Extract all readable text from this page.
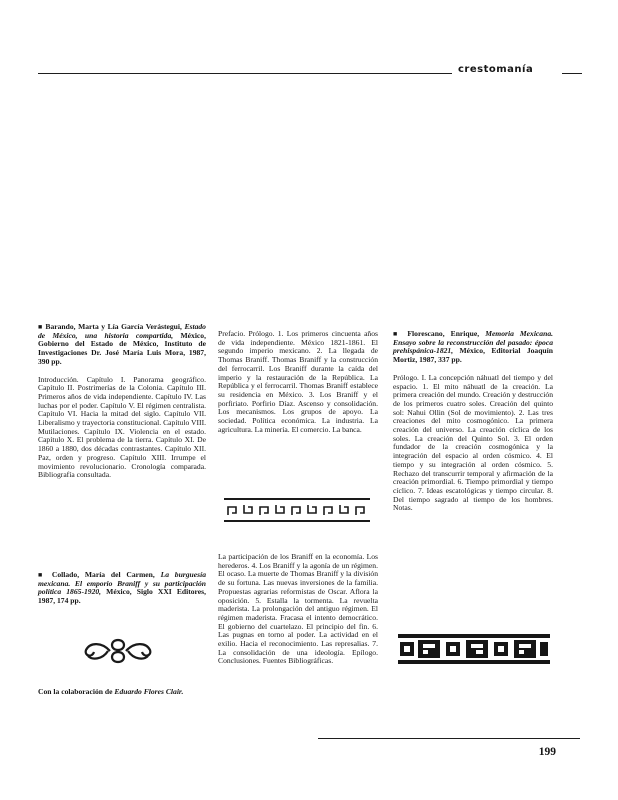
crestomanía
■ Barando, Marta y Lía García Verástegui, Estado de México, una historia compartida, México, Gobierno del Estado de México, Instituto de Investigaciones Dr. José María Luis Mora, 1987, 390 pp.

Introducción. Capítulo I. Panorama geográfico. Capítulo II. Postrimerías de la Colonia. Capítulo III. Primeros años de vida independiente. Capítulo IV. Las luchas por el poder. Capítulo V. El régimen centralista. Capítulo VI. Hacia la mitad del siglo. Capítulo VII. Liberalismo y trayectoria constitucional. Capítulo VIII. Mutilaciones. Capítulo IX. Violencia en el estado. Capítulo X. El problema de la tierra. Capítulo XI. De 1860 a 1880, dos décadas contrastantes. Capítulo XII. Paz, orden y progreso. Capítulo XIII. Irrumpe el movimiento revolucionario. Cronología comparada. Bibliografía consultada.

■ Collado, María del Carmen, La burguesía mexicana. El emporio Braniff y su participación política 1865-1920, México, Siglo XXI Editores, 1987, 174 pp.
Con la colaboración de Eduardo Flores Clair.

Prefacio. Prólogo. 1. Los primeros cincuenta años de vida independiente. México 1821-1861. El segundo imperio mexicano. 2. La llegada de Thomas Braniff. Thomas Braniff y la construcción del ferrocarril. Los Braniff durante la caída del imperio y la restauración de la República. La República y el ferrocarril. Thomas Braniff establece su residencia en México. 3. Los Braniff y el porfiriato. Porfirio Díaz. Ascenso y consolidación. Los mecanismos. Los grupos de apoyo. La sociedad. Política económica. La industria. La agricultura. La minería. El comercio. La banca.

La participación de los Braniff en la economía. Los herederos. 4. Los Braniff y la agonía de un régimen. El ocaso. La muerte de Thomas Braniff y la división de su fortuna. Las nuevas inversiones de la familia. Propuestas agrarias reformistas de Oscar. Aflora la oposición. 5. Estalla la tormenta. La revuelta maderista. La prolongación del antiguo régimen. El régimen maderista. Fracasa el intento democrático. El gobierno del cuartelazo. El principio del fin. 6. Las pugnas en torno al poder. La actividad en el exilio. Hacia el reconocimiento. Las represalias. 7. La consolidación de una ideología. Epílogo. Conclusiones. Fuentes Bibliográficas.

■ Florescano, Enrique, Memoria Mexicana. Ensayo sobre la reconstrucción del pasado: época prehispánica-1821, México, Editorial Joaquín Mortiz, 1987, 337 pp.

Prólogo. I. La concepción náhuatl del tiempo y del espacio. 1. El mito náhuatl de la creación. La primera creación del mundo. Creación y destrucción de los primeros cuatro soles. Creación del quinto sol: Nahui Ollin (Sol de movimiento). 2. Las tres creaciones del mito cosmogónico. La primera creación del universo. La creación cíclica de los soles. La creación del Quinto Sol. 3. El orden fundador de la creación cosmogónica y la integración del espacio al orden cósmico. 4. El tiempo y su integración al orden cósmico. 5. Rechazo del transcurrir temporal y afirmación de la creación primordial. 6. Tiempo primordial y tiempo cíclico. 7. Ideas escatológicas y tiempo circular. 8. Del tiempo sagrado al tiempo de los hombres. Notas.

199
